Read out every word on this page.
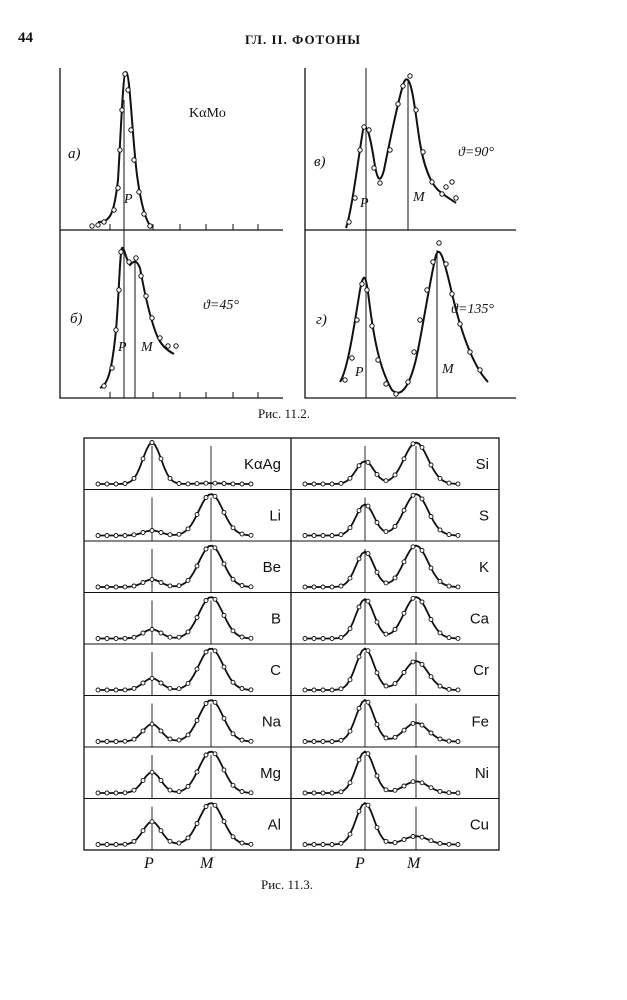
44	ГЛ. II. ФОТОНЫ
KαMo
а)
P
б)
P M
ϑ=45°
в)
P	M
ϑ=90°
г)
P	M
ϑ=135°
Рис. 11.2.
KαAg
Li
Be
B
C
Na
Mg
Al
Si
S
K
Ca
Cr
Fe
Ni
Cu
P	M	P	M
Рис. 11.3.
